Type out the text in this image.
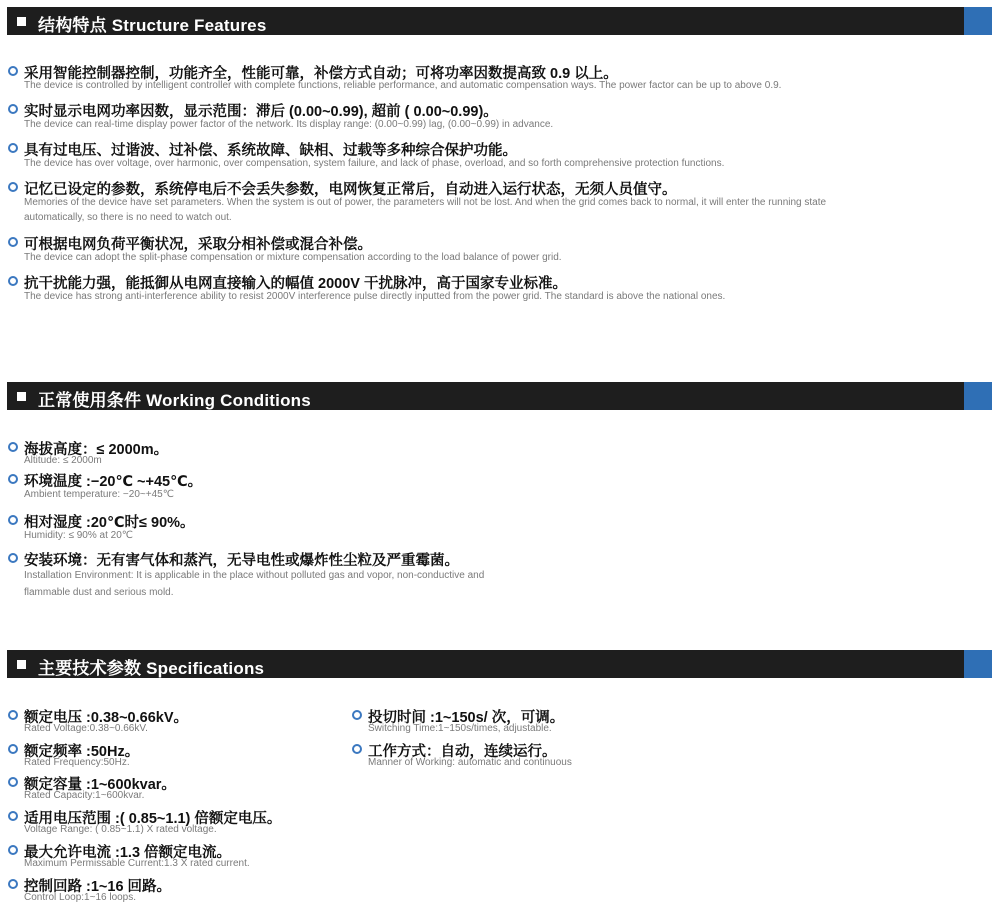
结构特点 Structure Features
采用智能控制器控制，功能齐全，性能可靠，补偿方式自动；可将功率因数提高致 0.9 以上。
The device is controlled by intelligent controller with complete functions, reliable performance, and automatic compensation ways. The power factor can be up to above 0.9.
实时显示电网功率因数，显示范围：滞后 (0.00~0.99), 超前 ( 0.00~0.99)。
The device can real-time display power factor of the network. Its display range: (0.00~0.99) lag, (0.00~0.99) in advance.
具有过电压、过谐波、过补偿、系统故障、缺相、过载等多种综合保护功能。
The device has over voltage, over harmonic, over compensation, system failure, and lack of phase, overload, and so forth comprehensive protection functions.
记忆已设定的参数，系统停电后不会丢失参数，电网恢复正常后，自动进入运行状态，无须人员值守。
Memories of the device have set parameters. When the system is out of power, the parameters will not be lost. And when the grid comes back to normal, it will enter the running state
automatically, so there is no need to watch out.
可根据电网负荷平衡状况，采取分相补偿或混合补偿。
The device can adopt the split-phase compensation or mixture compensation according to the load balance of power grid.
抗干扰能力强，能抵御从电网直接输入的幅值 2000V 干扰脉冲，高于国家专业标准。
The device has strong anti-interference ability to resist 2000V interference pulse directly inputted from the power grid. The standard is above the national ones.
正常使用条件 Working Conditions
海拔高度：≤ 2000m。
Altitude: ≤ 2000m
环境温度 :−20℃ ~+45℃。
Ambient temperature: −20~+45℃
相对湿度 :20℃时≤ 90%。
Humidity: ≤ 90% at 20℃
安装环境：无有害气体和蒸汽，无导电性或爆炸性尘粒及严重霉菌。
Installation Environment: It is applicable in the place without polluted gas and vopor, non-conductive and
flammable dust and serious mold.
主要技术参数 Specifications
额定电压 :0.38~0.66kV。
Rated Voltage:0.38~0.66kV.
额定频率 :50Hz。
Rated Frequency:50Hz.
额定容量 :1~600kvar。
Rated Capacity:1~600kvar.
适用电压范围 :( 0.85~1.1) 倍额定电压。
Voltage Range: ( 0.85~1.1) X rated voltage.
最大允许电流 :1.3 倍额定电流。
Maximum Permissable Current:1.3 X rated current.
控制回路 :1~16 回路。
Control Loop:1~16 loops.
投切时间 :1~150s/ 次，可调。
Switching Time:1~150s/times, adjustable.
工作方式：自动，连续运行。
Manner of Working: automatic and continuous
